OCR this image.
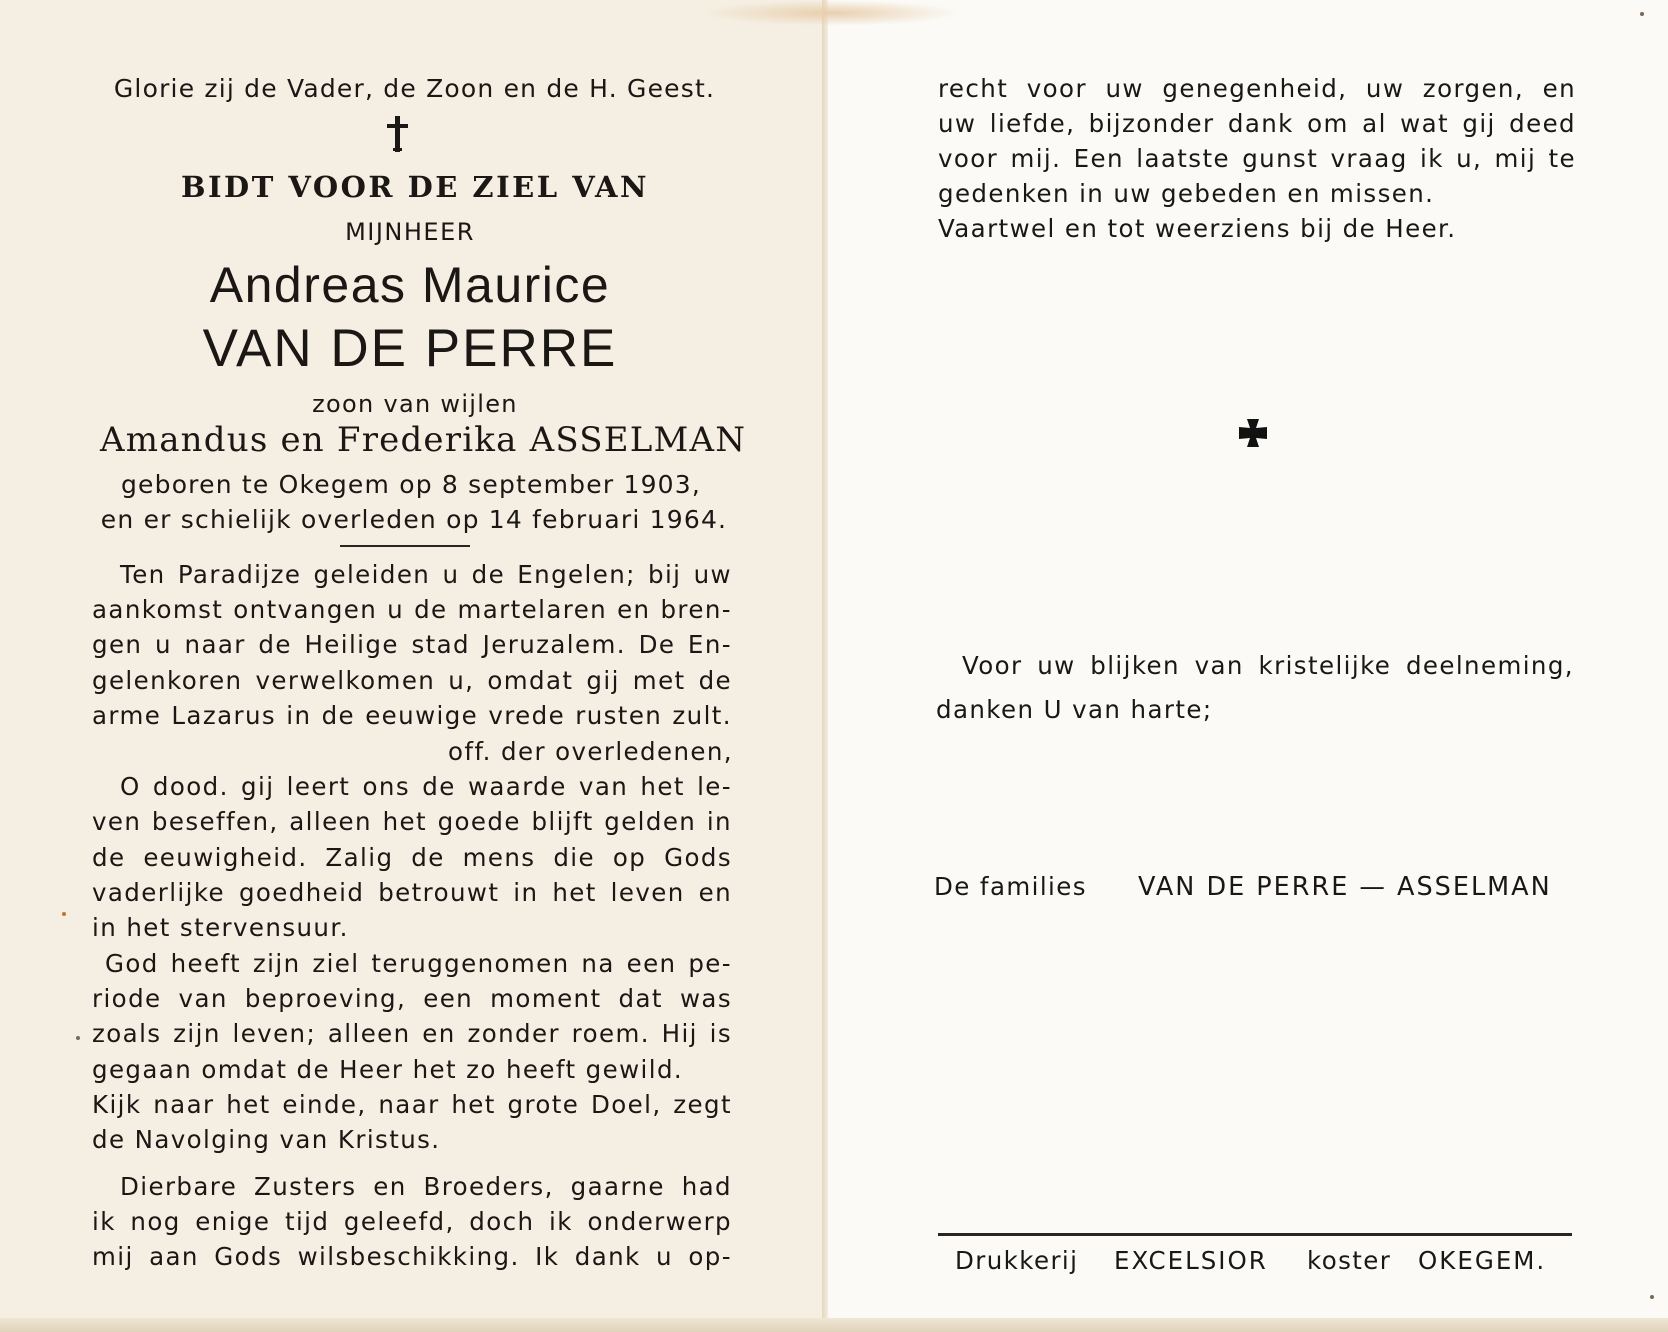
Glorie zij de Vader, de Zoon en de H. Geest.
BIDT VOOR DE ZIEL VAN
MIJNHEER
Andreas Maurice
VAN DE PERRE
zoon van wijlen
Amandus en Frederika ASSELMAN
geboren te Okegem op 8 september 1903,
en er schielijk overleden op 14 februari 1964.
Ten Paradijze geleiden u de Engelen; bij uw
aankomst ontvangen u de martelaren en bren-
gen u naar de Heilige stad Jeruzalem. De En-
gelenkoren verwelkomen u, omdat gij met de
arme Lazarus in de eeuwige vrede rusten zult.
off. der overledenen,
O dood. gij leert ons de waarde van het le-
ven beseffen, alleen het goede blijft gelden in
de eeuwigheid. Zalig de mens die op Gods
vaderlijke goedheid betrouwt in het leven en
in het stervensuur.
God heeft zijn ziel teruggenomen na een pe-
riode van beproeving, een moment dat was
zoals zijn leven; alleen en zonder roem. Hij is
gegaan omdat de Heer het zo heeft gewild.
Kijk naar het einde, naar het grote Doel, zegt
de Navolging van Kristus.
Dierbare Zusters en Broeders, gaarne had
ik nog enige tijd geleefd, doch ik onderwerp
mij aan Gods wilsbeschikking. Ik dank u op-
recht voor uw genegenheid, uw zorgen, en
uw liefde, bijzonder dank om al wat gij deed
voor mij. Een laatste gunst vraag ik u, mij te
gedenken in uw gebeden en missen.
Vaartwel en tot weerziens bij de Heer.
Voor uw blijken van kristelijke deelneming,
danken U van harte;
De families VAN DE PERRE — ASSELMAN
Drukkerij EXCELSIOR koster OKEGEM.
